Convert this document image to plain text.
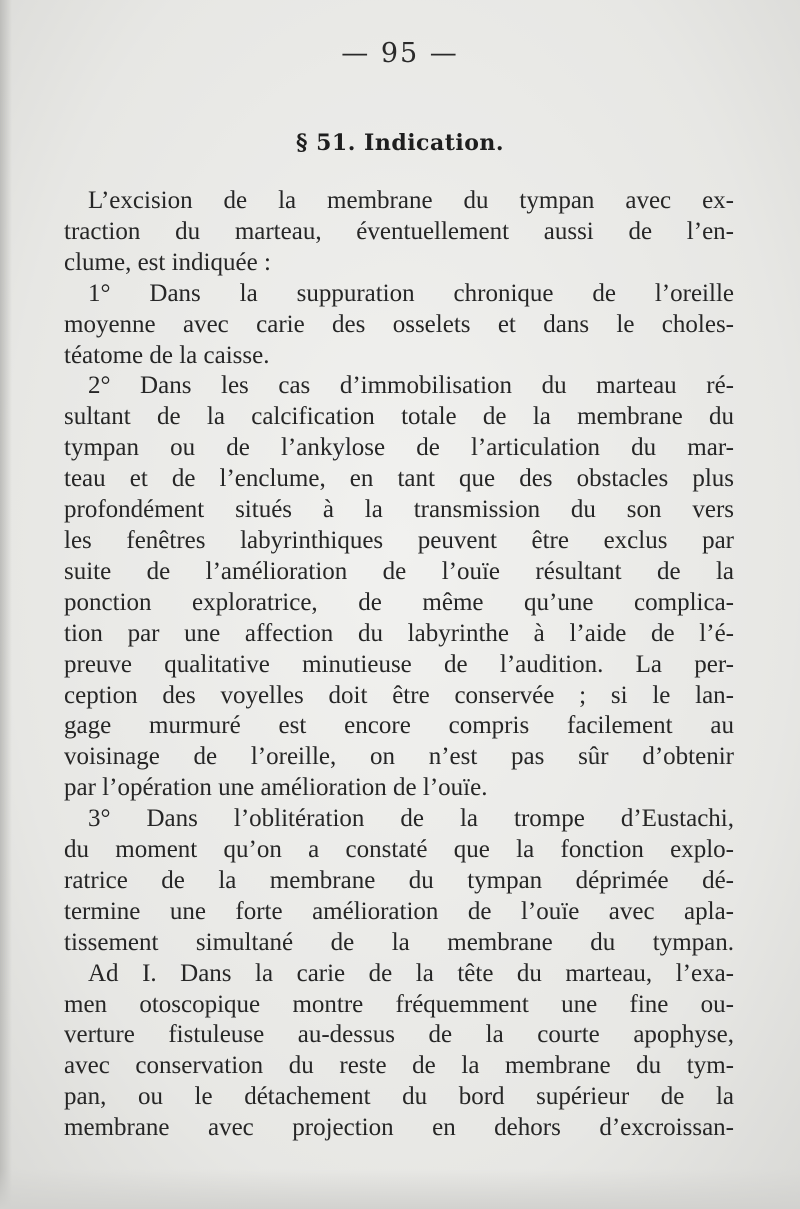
— 95 —
§ 51. Indication.
L’excision de la membrane du tympan avec ex-
traction du marteau, éventuellement aussi de l’en-
clume, est indiquée :
1° Dans la suppuration chronique de l’oreille
moyenne avec carie des osselets et dans le choles-
téatome de la caisse.
2° Dans les cas d’immobilisation du marteau ré-
sultant de la calcification totale de la membrane du
tympan ou de l’ankylose de l’articulation du mar-
teau et de l’enclume, en tant que des obstacles plus
profondément situés à la transmission du son vers
les fenêtres labyrinthiques peuvent être exclus par
suite de l’amélioration de l’ouïe résultant de la
ponction exploratrice, de même qu’une complica-
tion par une affection du labyrinthe à l’aide de l’é-
preuve qualitative minutieuse de l’audition. La per-
ception des voyelles doit être conservée ; si le lan-
gage murmuré est encore compris facilement au
voisinage de l’oreille, on n’est pas sûr d’obtenir
par l’opération une amélioration de l’ouïe.
3° Dans l’oblitération de la trompe d’Eustachi,
du moment qu’on a constaté que la fonction explo-
ratrice de la membrane du tympan déprimée dé-
termine une forte amélioration de l’ouïe avec apla-
tissement simultané de la membrane du tympan.
Ad I. Dans la carie de la tête du marteau, l’exa-
men otoscopique montre fréquemment une fine ou-
verture fistuleuse au-dessus de la courte apophyse,
avec conservation du reste de la membrane du tym-
pan, ou le détachement du bord supérieur de la
membrane avec projection en dehors d’excroissan-
